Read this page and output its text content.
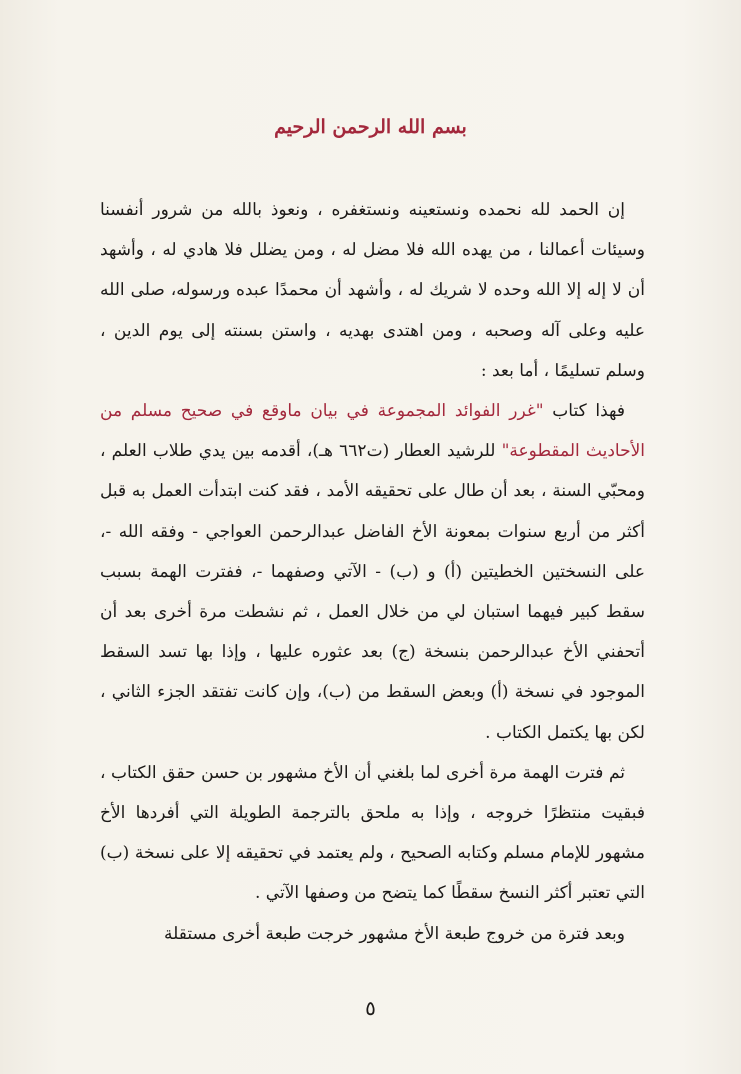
بسم الله الرحمن الرحيم

إن الحمد لله نحمده ونستعينه ونستغفره ، ونعوذ بالله من شرور أنفسنا وسيئات أعمالنا ، من يهده الله فلا مضل له ، ومن يضلل فلا هادي له ، وأشهد أن لا إله إلا الله وحده لا شريك له ، وأشهد أن محمدًا عبده ورسوله، صلى الله عليه وعلى آله وصحبه ، ومن اهتدى بهديه ، واستن بسنته إلى يوم الدين ، وسلم تسليمًا ، أما بعد :

فهذا كتاب "غرر الفوائد المجموعة في بيان ماوقع في صحيح مسلم من الأحاديث المقطوعة" للرشيد العطار (ت٦٦٢ هـ)، أقدمه بين يدي طلاب العلم ، ومحبّي السنة ، بعد أن طال على تحقيقه الأمد ، فقد كنت ابتدأت العمل به قبل أكثر من أربع سنوات بمعونة الأخ الفاضل عبدالرحمن العواجي - وفقه الله -، على النسختين الخطيتين (أ) و (ب) - الآتي وصفهما -، ففترت الهمة بسبب سقط كبير فيهما استبان لي من خلال العمل ، ثم نشطت مرة أخرى بعد أن أتحفني الأخ عبدالرحمن بنسخة (ج) بعد عثوره عليها ، وإذا بها تسد السقط الموجود في نسخة (أ) وبعض السقط من (ب)، وإن كانت تفتقد الجزء الثاني ، لكن بها يكتمل الكتاب .

ثم فترت الهمة مرة أخرى لما بلغني أن الأخ مشهور بن حسن حقق الكتاب ، فبقيت منتظرًا خروجه ، وإذا به ملحق بالترجمة الطويلة التي أفردها الأخ مشهور للإمام مسلم وكتابه الصحيح ، ولم يعتمد في تحقيقه إلا على نسخة (ب) التي تعتبر أكثر النسخ سقطًا كما يتضح من وصفها الآتي .

وبعد فترة من خروج طبعة الأخ مشهور خرجت طبعة أخرى مستقلة

٥
